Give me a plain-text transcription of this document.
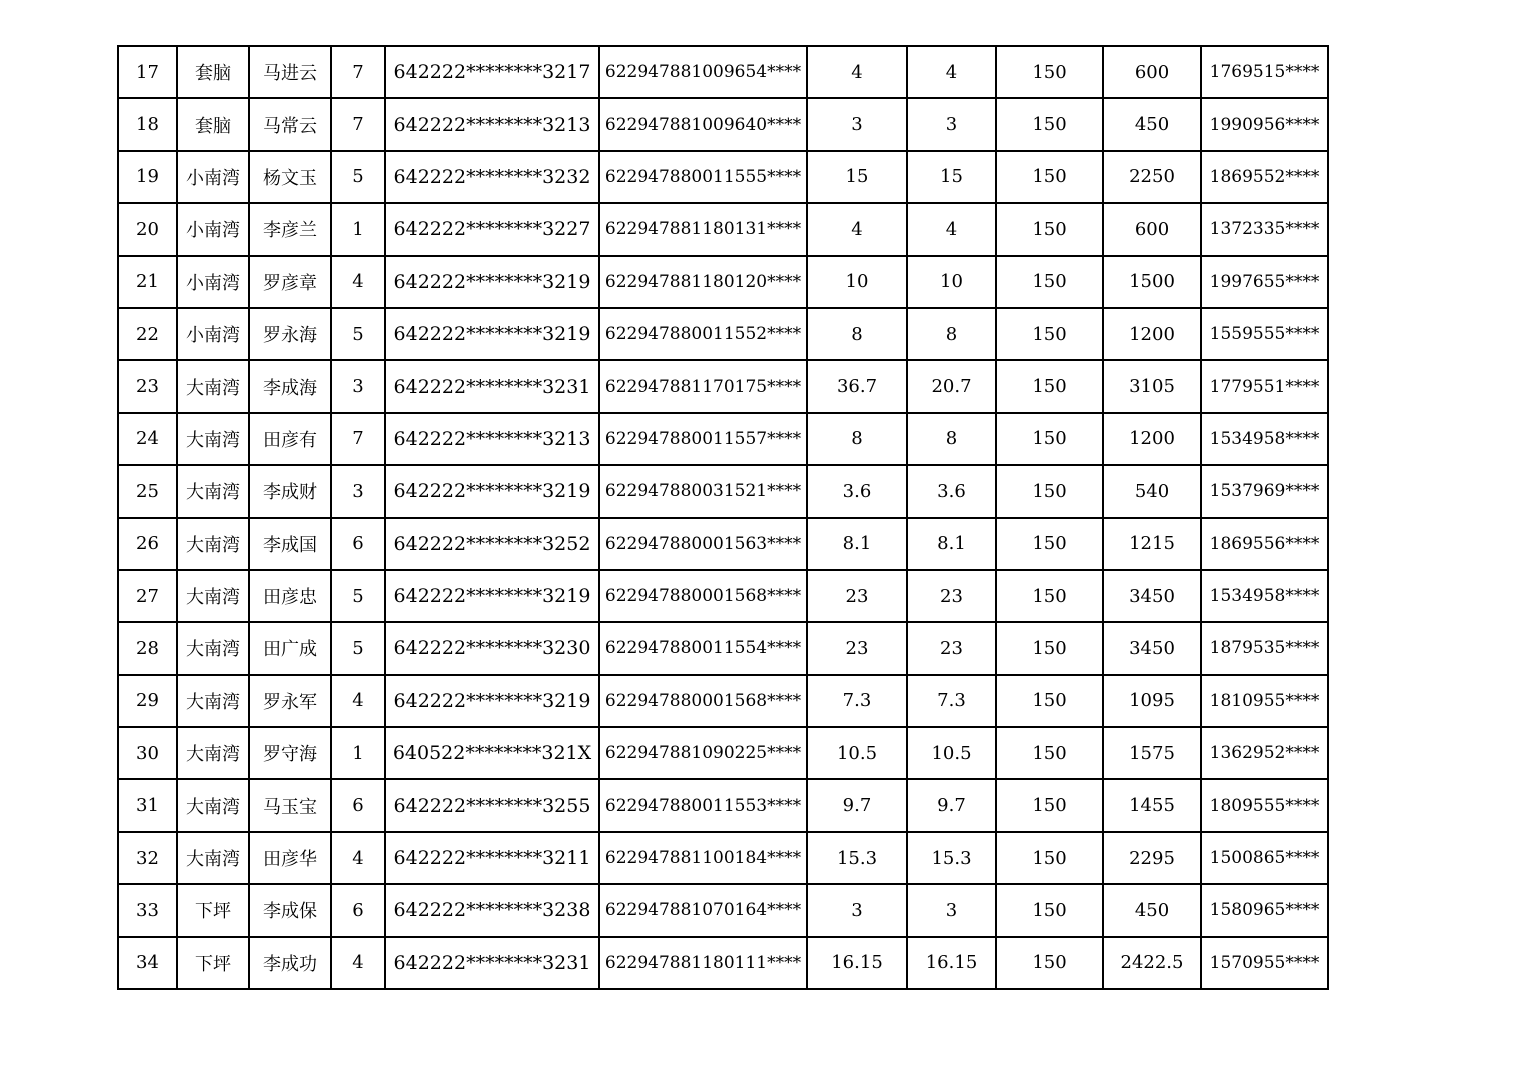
17	套脑	马进云	7	642222********3217	622947881009654****	4	4	150	600	1769515****
18	套脑	马常云	7	642222********3213	622947881009640****	3	3	150	450	1990956****
19	小南湾	杨文玉	5	642222********3232	622947880011555****	15	15	150	2250	1869552****
20	小南湾	李彦兰	1	642222********3227	622947881180131****	4	4	150	600	1372335****
21	小南湾	罗彦章	4	642222********3219	622947881180120****	10	10	150	1500	1997655****
22	小南湾	罗永海	5	642222********3219	622947880011552****	8	8	150	1200	1559555****
23	大南湾	李成海	3	642222********3231	622947881170175****	36.7	20.7	150	3105	1779551****
24	大南湾	田彦有	7	642222********3213	622947880011557****	8	8	150	1200	1534958****
25	大南湾	李成财	3	642222********3219	622947880031521****	3.6	3.6	150	540	1537969****
26	大南湾	李成国	6	642222********3252	622947880001563****	8.1	8.1	150	1215	1869556****
27	大南湾	田彦忠	5	642222********3219	622947880001568****	23	23	150	3450	1534958****
28	大南湾	田广成	5	642222********3230	622947880011554****	23	23	150	3450	1879535****
29	大南湾	罗永军	4	642222********3219	622947880001568****	7.3	7.3	150	1095	1810955****
30	大南湾	罗守海	1	640522********321X	622947881090225****	10.5	10.5	150	1575	1362952****
31	大南湾	马玉宝	6	642222********3255	622947880011553****	9.7	9.7	150	1455	1809555****
32	大南湾	田彦华	4	642222********3211	622947881100184****	15.3	15.3	150	2295	1500865****
33	下坪	李成保	6	642222********3238	622947881070164****	3	3	150	450	1580965****
34	下坪	李成功	4	642222********3231	622947881180111****	16.15	16.15	150	2422.5	1570955****
